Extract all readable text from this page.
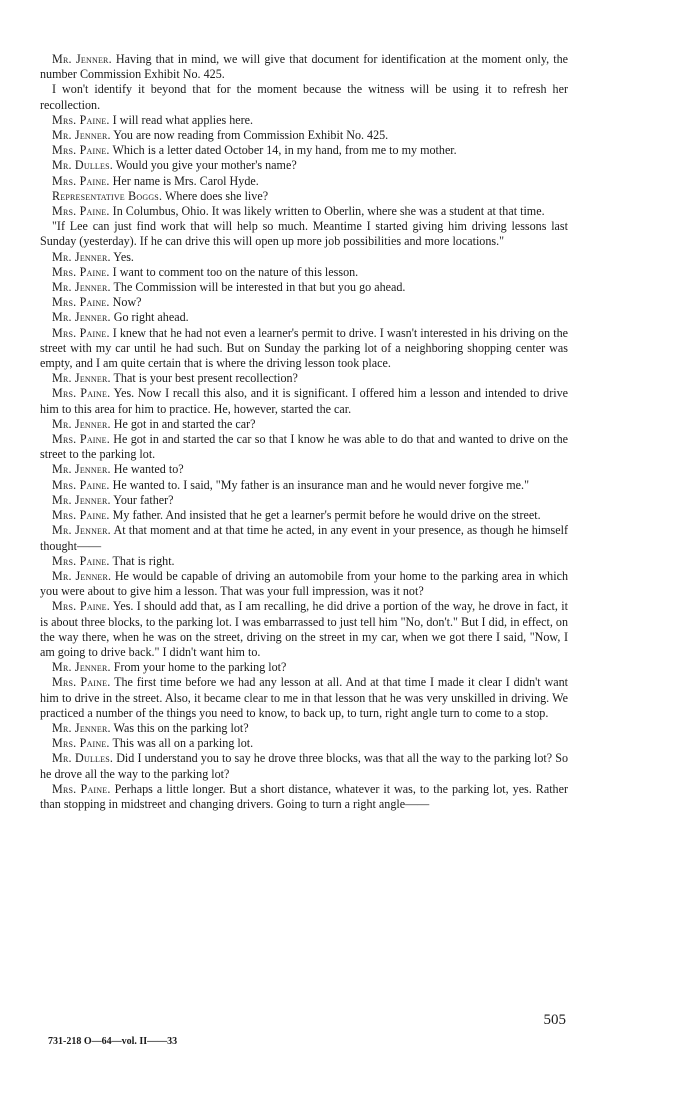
Mr. Jenner. Having that in mind, we will give that document for identification at the moment only, the number Commission Exhibit No. 425.

I won't identify it beyond that for the moment because the witness will be using it to refresh her recollection.

Mrs. Paine. I will read what applies here.

Mr. Jenner. You are now reading from Commission Exhibit No. 425.

Mrs. Paine. Which is a letter dated October 14, in my hand, from me to my mother.

Mr. Dulles. Would you give your mother's name?

Mrs. Paine. Her name is Mrs. Carol Hyde.

Representative Boggs. Where does she live?

Mrs. Paine. In Columbus, Ohio. It was likely written to Oberlin, where she was a student at that time.

"If Lee can just find work that will help so much. Meantime I started giving him driving lessons last Sunday (yesterday). If he can drive this will open up more job possibilities and more locations."

Mr. Jenner. Yes.

Mrs. Paine. I want to comment too on the nature of this lesson.

Mr. Jenner. The Commission will be interested in that but you go ahead.

Mrs. Paine. Now?

Mr. Jenner. Go right ahead.

Mrs. Paine. I knew that he had not even a learner's permit to drive. I wasn't interested in his driving on the street with my car until he had such. But on Sunday the parking lot of a neighboring shopping center was empty, and I am quite certain that is where the driving lesson took place.

Mr. Jenner. That is your best present recollection?

Mrs. Paine. Yes. Now I recall this also, and it is significant. I offered him a lesson and intended to drive him to this area for him to practice. He, however, started the car.

Mr. Jenner. He got in and started the car?

Mrs. Paine. He got in and started the car so that I know he was able to do that and wanted to drive on the street to the parking lot.

Mr. Jenner. He wanted to?

Mrs. Paine. He wanted to. I said, "My father is an insurance man and he would never forgive me."

Mr. Jenner. Your father?

Mrs. Paine. My father. And insisted that he get a learner's permit before he would drive on the street.

Mr. Jenner. At that moment and at that time he acted, in any event in your presence, as though he himself thought——

Mrs. Paine. That is right.

Mr. Jenner. He would be capable of driving an automobile from your home to the parking area in which you were about to give him a lesson. That was your full impression, was it not?

Mrs. Paine. Yes. I should add that, as I am recalling, he did drive a portion of the way, he drove in fact, it is about three blocks, to the parking lot. I was embarrassed to just tell him "No, don't." But I did, in effect, on the way there, when he was on the street, driving on the street in my car, when we got there I said, "Now, I am going to drive back." I didn't want him to.

Mr. Jenner. From your home to the parking lot?

Mrs. Paine. The first time before we had any lesson at all. And at that time I made it clear I didn't want him to drive in the street. Also, it became clear to me in that lesson that he was very unskilled in driving. We practiced a number of the things you need to know, to back up, to turn, right angle turn to come to a stop.

Mr. Jenner. Was this on the parking lot?

Mrs. Paine. This was all on a parking lot.

Mr. Dulles. Did I understand you to say he drove three blocks, was that all the way to the parking lot? So he drove all the way to the parking lot?

Mrs. Paine. Perhaps a little longer. But a short distance, whatever it was, to the parking lot, yes. Rather than stopping in midstreet and changing drivers. Going to turn a right angle——

505
731-218 O—64—vol. II——33
